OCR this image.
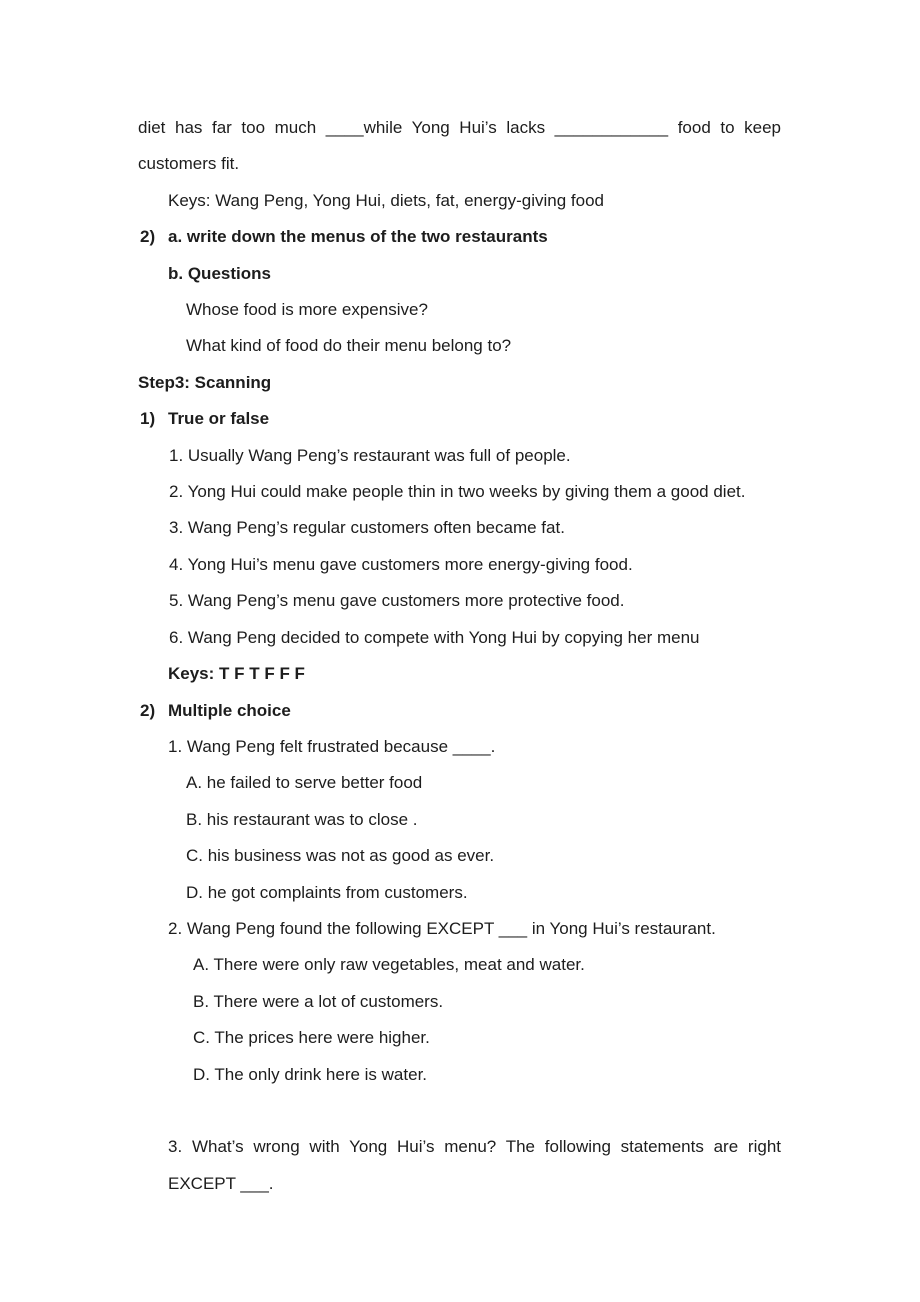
diet has far too much ____while Yong Hui’s lacks ____________ food to keep
customers fit.
Keys: Wang Peng, Yong Hui, diets, fat, energy-giving food
2) a. write down the menus of the two restaurants
b. Questions
Whose food is more expensive?
What kind of food do their menu belong to?
Step3: Scanning
1) True or false
1. Usually Wang Peng’s restaurant was full of people.
2. Yong Hui could make people thin in two weeks by giving them a good diet.
3. Wang Peng’s regular customers often became fat.
4. Yong Hui’s menu gave customers more energy-giving food.
5. Wang Peng’s menu gave customers more protective food.
6. Wang Peng decided to compete with Yong Hui by copying her menu
Keys: T F T F F F
2) Multiple choice
1. Wang Peng felt frustrated because ____.
A. he failed to serve better food
B. his restaurant was to close .
C. his business was not as good as ever.
D. he got complaints from customers.
2. Wang Peng found the following EXCEPT ___ in Yong Hui’s restaurant.
A. There were only raw vegetables, meat and water.
B. There were a lot of customers.
C. The prices here were higher.
D. The only drink here is water.
3. What’s wrong with Yong Hui’s menu? The following statements are right
EXCEPT ___.
